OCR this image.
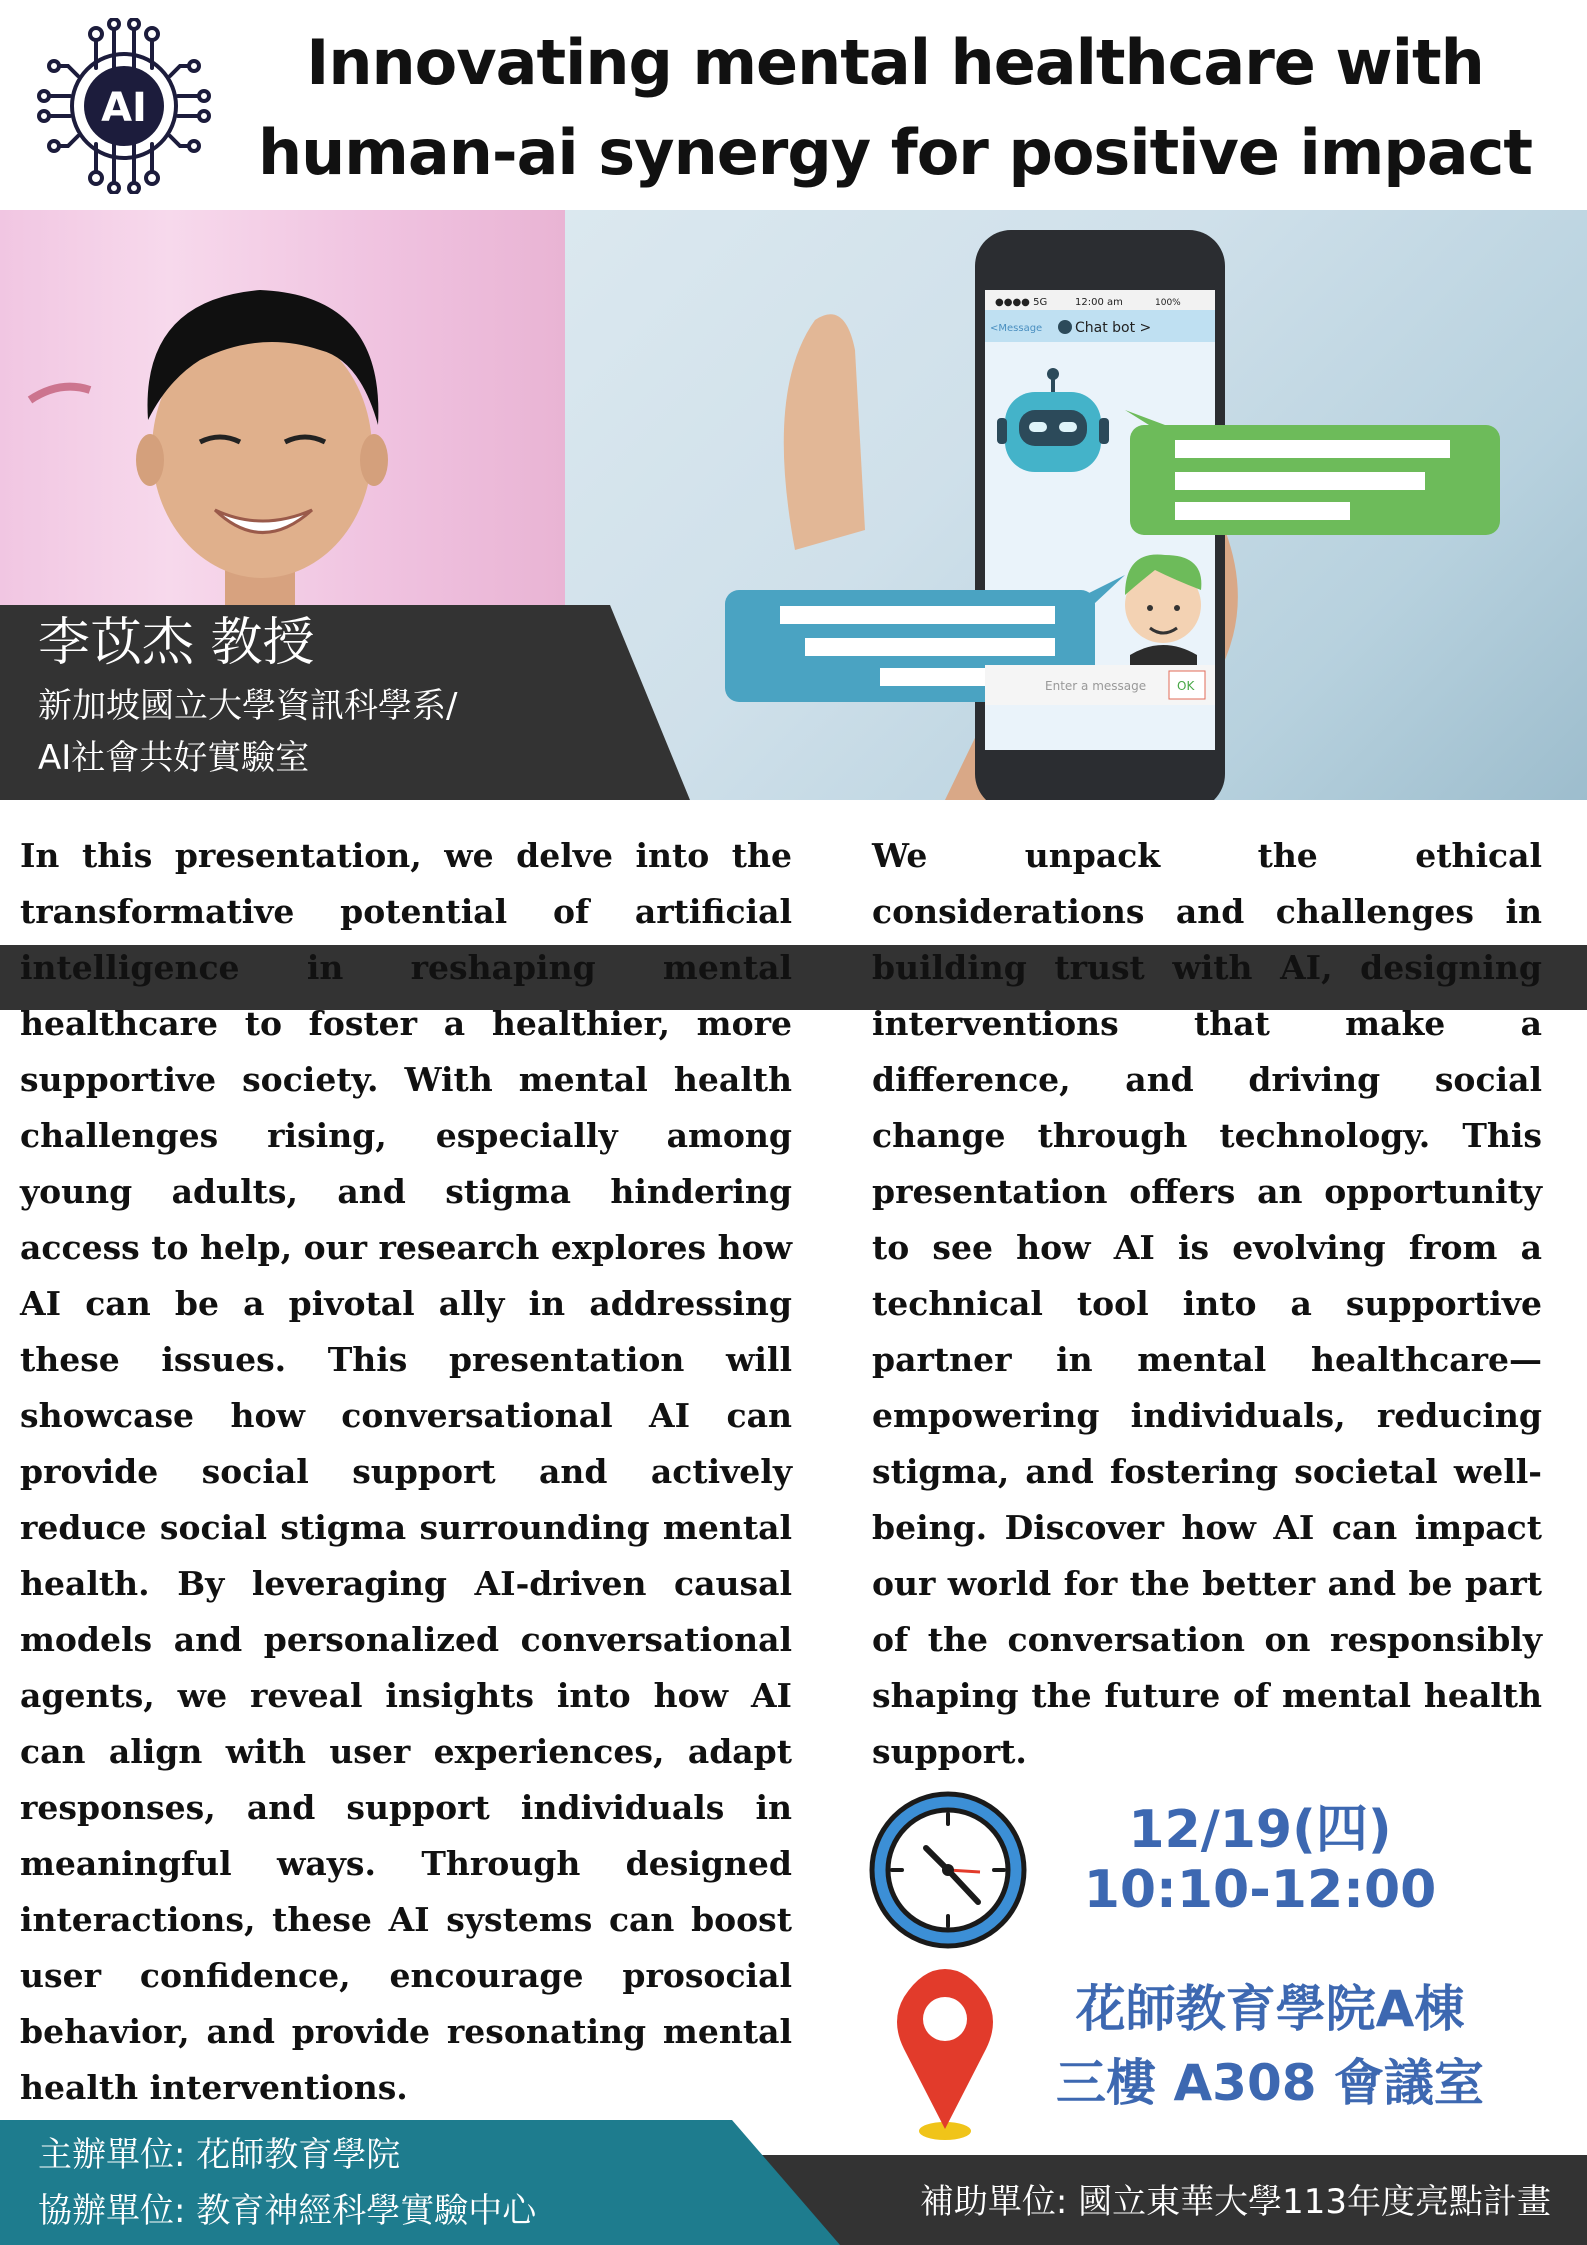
AI
Innovating mental healthcare with
human-ai synergy for positive impact
●●●● 5G	12:00 am	100%
<Message Chat bot >
Enter a message	OK
李苡杰 教授
新加坡國立大學資訊科學系/
AI社會共好實驗室

In this presentation, we delve into the transformative potential of artificial intelligence in reshaping mental healthcare to foster a healthier, more supportive society. With mental health challenges rising, especially among young adults, and stigma hindering access to help, our research explores how AI can be a pivotal ally in addressing these issues. This presentation will showcase how conversational AI can provide social support and actively reduce social stigma surrounding mental health. By leveraging AI-driven causal models and personalized conversational agents, we reveal insights into how AI can align with user experiences, adapt responses, and support individuals in meaningful ways. Through designed interactions, these AI systems can boost user confidence, encourage prosocial behavior, and provide resonating mental health interventions.

We unpack the ethical considerations and challenges in building trust with AI, designing interventions that make a difference, and driving social change through technology. This presentation offers an opportunity to see how AI is evolving from a technical tool into a supportive partner in mental healthcare—empowering individuals, reducing stigma, and fostering societal well-being. Discover how AI can impact our world for the better and be part of the conversation on responsibly shaping the future of mental health support.

12/19(四)
10:10-12:00
花師教育學院A棟
三樓 A308 會議室
主辦單位: 花師教育學院
協辦單位: 教育神經科學實驗中心	補助單位: 國立東華大學113年度亮點計畫
